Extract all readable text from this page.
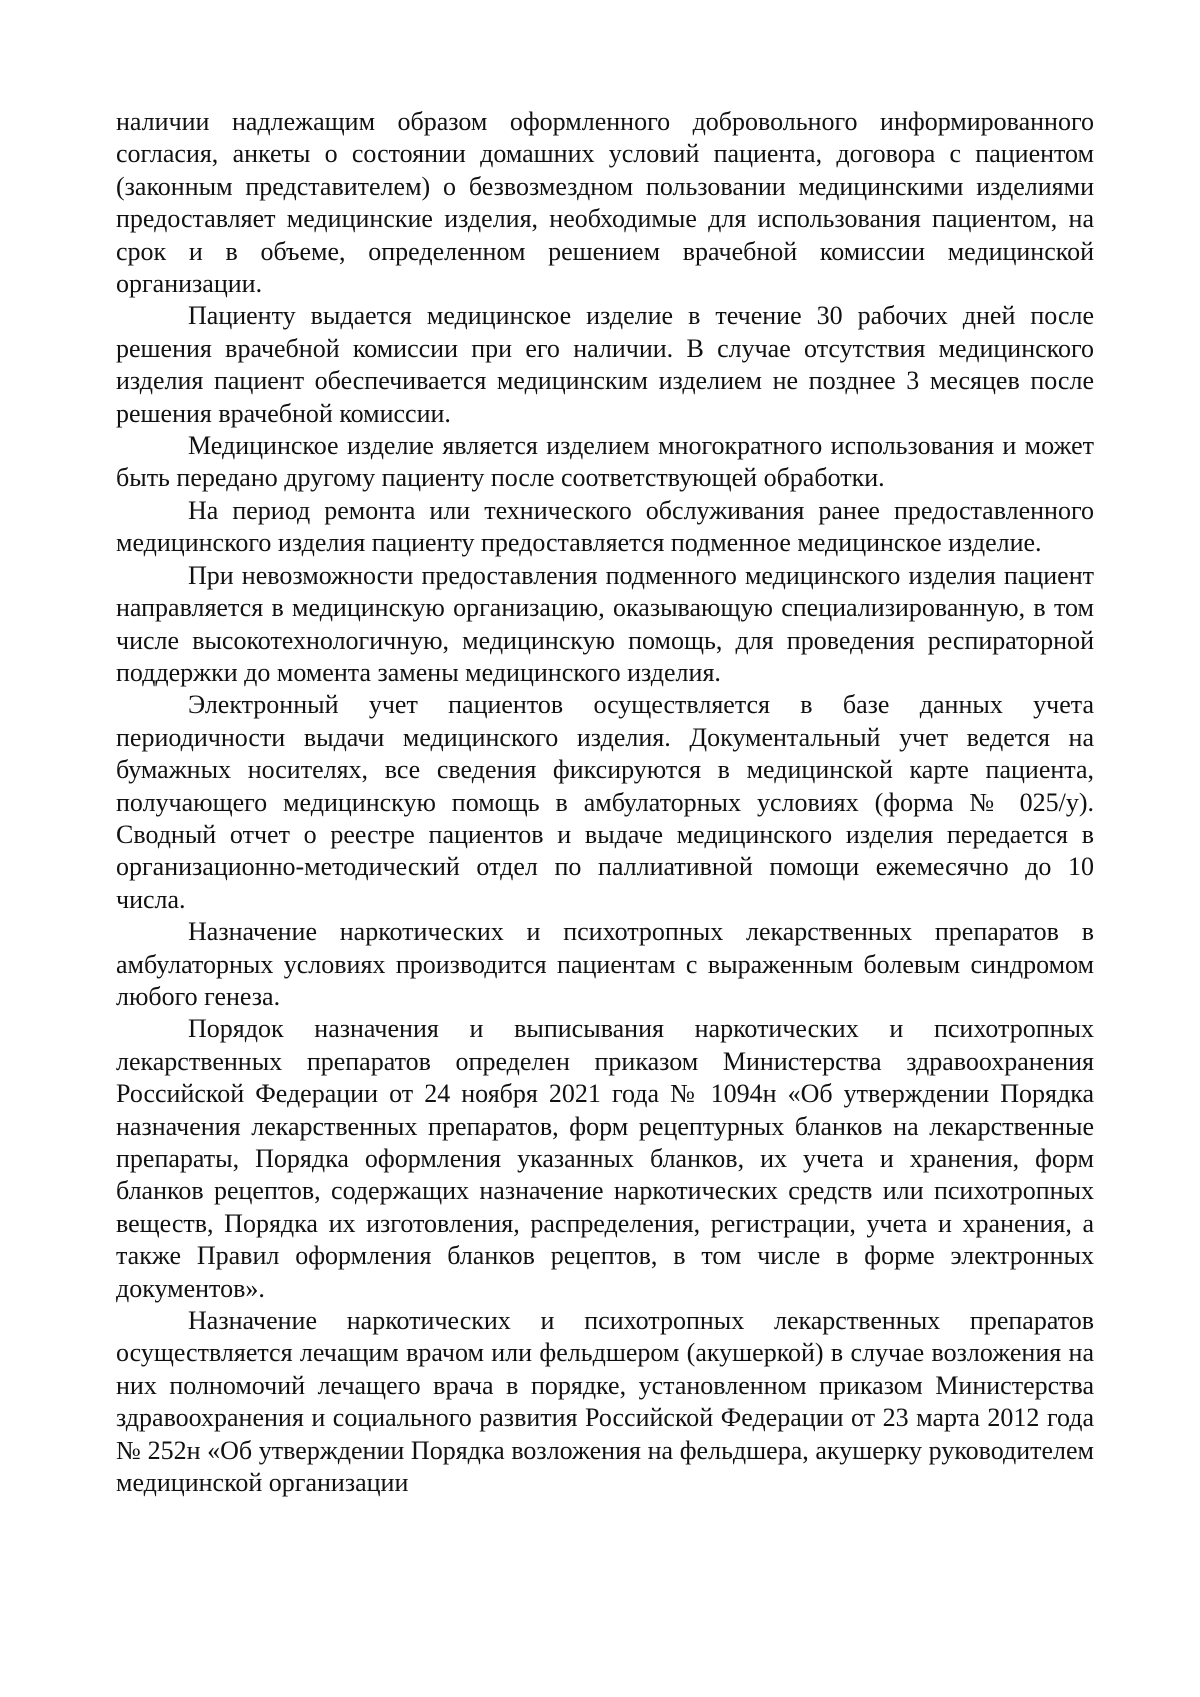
наличии надлежащим образом оформленного добровольного информированного согласия, анкеты о состоянии домашних условий пациента, договора с пациентом (законным представителем) о безвозмездном пользовании медицинскими изделиями предоставляет медицинские изделия, необходимые для использования пациентом, на срок и в объеме, определенном решением врачебной комиссии медицинской организации.

Пациенту выдается медицинское изделие в течение 30 рабочих дней после решения врачебной комиссии при его наличии. В случае отсутствия медицинского изделия пациент обеспечивается медицинским изделием не позднее 3 месяцев после решения врачебной комиссии.

Медицинское изделие является изделием многократного использования и может быть передано другому пациенту после соответствующей обработки.

На период ремонта или технического обслуживания ранее предоставленного медицинского изделия пациенту предоставляется подменное медицинское изделие.

При невозможности предоставления подменного медицинского изделия пациент направляется в медицинскую организацию, оказывающую специализированную, в том числе высокотехнологичную, медицинскую помощь, для проведения респираторной поддержки до момента замены медицинского изделия.

Электронный учет пациентов осуществляется в базе данных учета периодичности выдачи медицинского изделия. Документальный учет ведется на бумажных носителях, все сведения фиксируются в медицинской карте пациента, получающего медицинскую помощь в амбулаторных условиях (форма № 025/у). Сводный отчет о реестре пациентов и выдаче медицинского изделия передается в организационно-методический отдел по паллиативной помощи ежемесячно до 10 числа.

Назначение наркотических и психотропных лекарственных препаратов в амбулаторных условиях производится пациентам с выраженным болевым синдромом любого генеза.

Порядок назначения и выписывания наркотических и психотропных лекарственных препаратов определен приказом Министерства здравоохранения Российской Федерации от 24 ноября 2021 года № 1094н «Об утверждении Порядка назначения лекарственных препаратов, форм рецептурных бланков на лекарственные препараты, Порядка оформления указанных бланков, их учета и хранения, форм бланков рецептов, содержащих назначение наркотических средств или психотропных веществ, Порядка их изготовления, распределения, регистрации, учета и хранения, а также Правил оформления бланков рецептов, в том числе в форме электронных документов».

Назначение наркотических и психотропных лекарственных препаратов осуществляется лечащим врачом или фельдшером (акушеркой) в случае возложения на них полномочий лечащего врача в порядке, установленном приказом Министерства здравоохранения и социального развития Российской Федерации от 23 марта 2012 года № 252н «Об утверждении Порядка возложения на фельдшера, акушерку руководителем медицинской организации
